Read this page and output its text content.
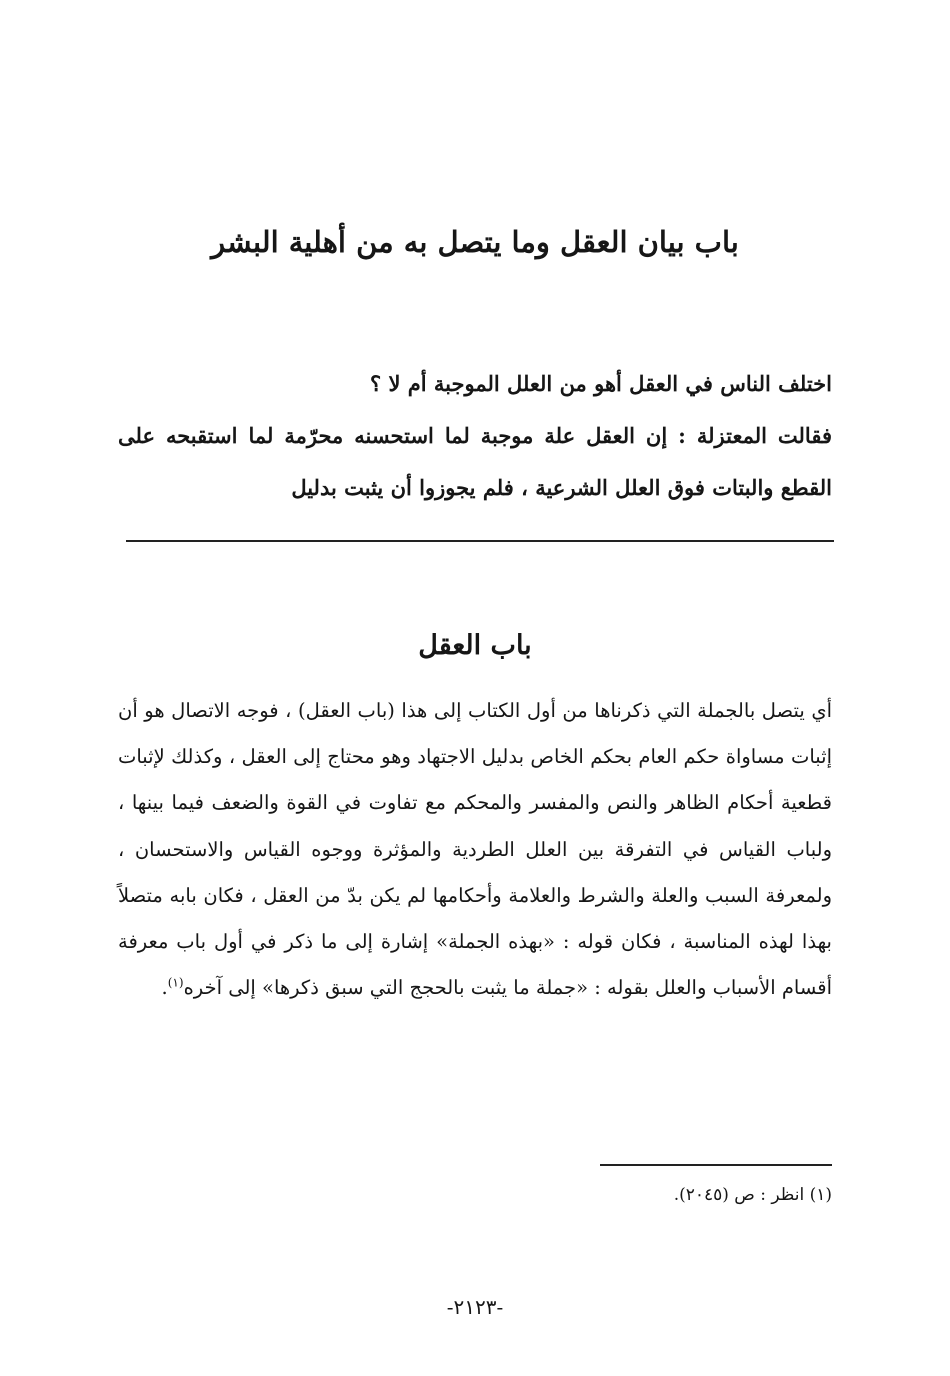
باب بيان العقل وما يتصل به من أهلية البشر

اختلف الناس في العقل أهو من العلل الموجبة أم لا ؟

فقالت المعتزلة : إن العقل علة موجبة لما استحسنه محرّمة لما استقبحه على القطع والبتات فوق العلل الشرعية ، فلم يجوزوا أن يثبت بدليل

باب العقل

أي يتصل بالجملة التي ذكرناها من أول الكتاب إلى هذا (باب العقل) ، فوجه الاتصال هو أن إثبات مساواة حكم العام بحكم الخاص بدليل الاجتهاد وهو محتاج إلى العقل ، وكذلك لإثبات قطعية أحكام الظاهر والنص والمفسر والمحكم مع تفاوت في القوة والضعف فيما بينها ، ولباب القياس في التفرقة بين العلل الطردية والمؤثرة ووجوه القياس والاستحسان ، ولمعرفة السبب والعلة والشرط والعلامة وأحكامها لم يكن بدّ من العقل ، فكان بابه متصلاً بهذا لهذه المناسبة ، فكان قوله : «بهذه الجملة» إشارة إلى ما ذكر في أول باب معرفة أقسام الأسباب والعلل بقوله : «جملة ما يثبت بالحجج التي سبق ذكرها» إلى آخره$^{(١)}$.

(١) انظر : ص (٢٠٤٥).

-٢١٢٣-
